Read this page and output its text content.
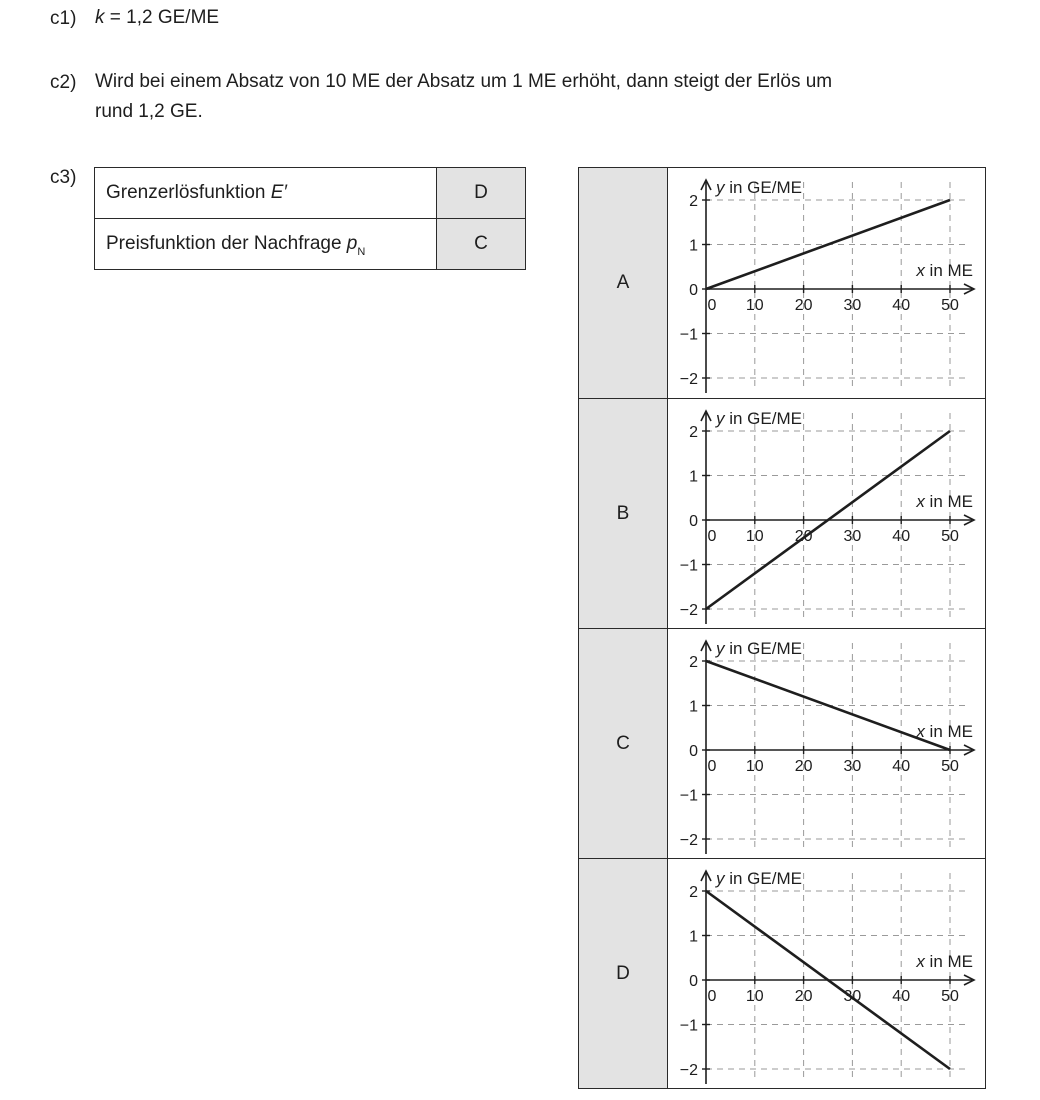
c1) k = 1,2 GE/ME
c2) Wird bei einem Absatz von 10 ME der Absatz um 1 ME erhöht, dann steigt der Erlös um
rund 1,2 GE.
c3)
Grenzerlösfunktion E′	D
Preisfunktion der Nachfrage $p_N$	C
A
2
1
0
−1
−2
0 10 20 30 40 50
y in GE/ME
x in ME
B
2
1
0
−1
−2
0 10 20 30 40 50
y in GE/ME
x in ME
C
2
1
0
−1
−2
0 10 20 30 40 50
y in GE/ME
x in ME
D
2
1
0
−1
−2
0 10 20 30 40 50
y in GE/ME
x in ME
